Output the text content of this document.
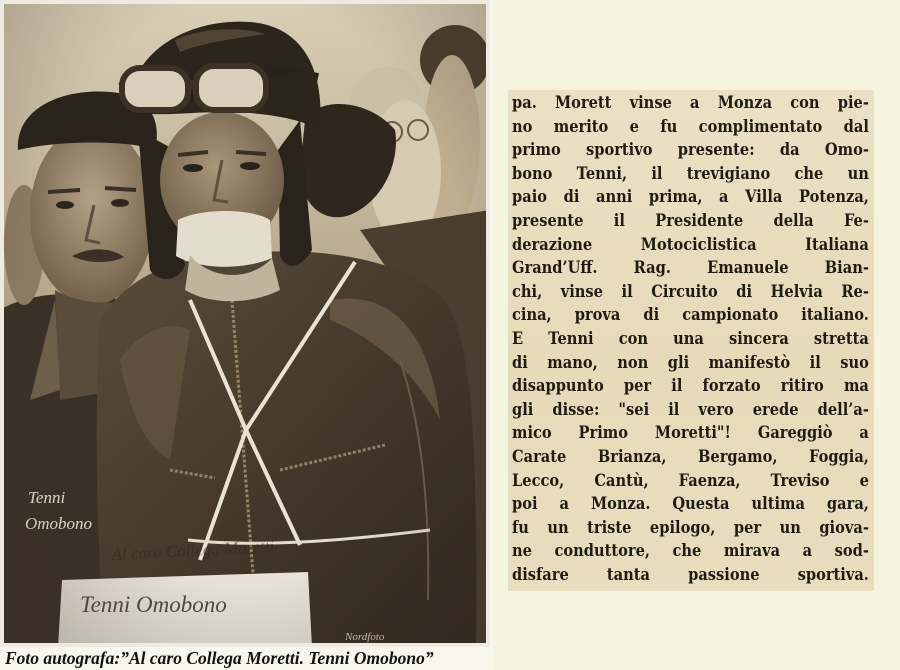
Foto autografa:”Al caro Collega Moretti. Tenni Omobono”
pa. Morett vinse a Monza con pie-
no merito e fu complimentato dal
primo sportivo presente: da Omo-
bono Tenni, il trevigiano che un
paio di anni prima, a Villa Potenza,
presente il Presidente della Fe-
derazione Motociclistica Italiana
Grand’Uff. Rag. Emanuele Bian-
chi, vinse il Circuito di Helvia Re-
cina, prova di campionato italiano.
E Tenni con una sincera stretta
di mano, non gli manifestò il suo
disappunto per il forzato ritiro ma
gli disse: "sei il vero erede dell’a-
mico Primo Moretti"! Gareggiò a
Carate Brianza, Bergamo, Foggia,
Lecco, Cantù, Faenza, Treviso e
poi a Monza. Questa ultima gara,
fu un triste epilogo, per un giova-
ne conduttore, che mirava a sod-
disfare tanta passione sportiva.
